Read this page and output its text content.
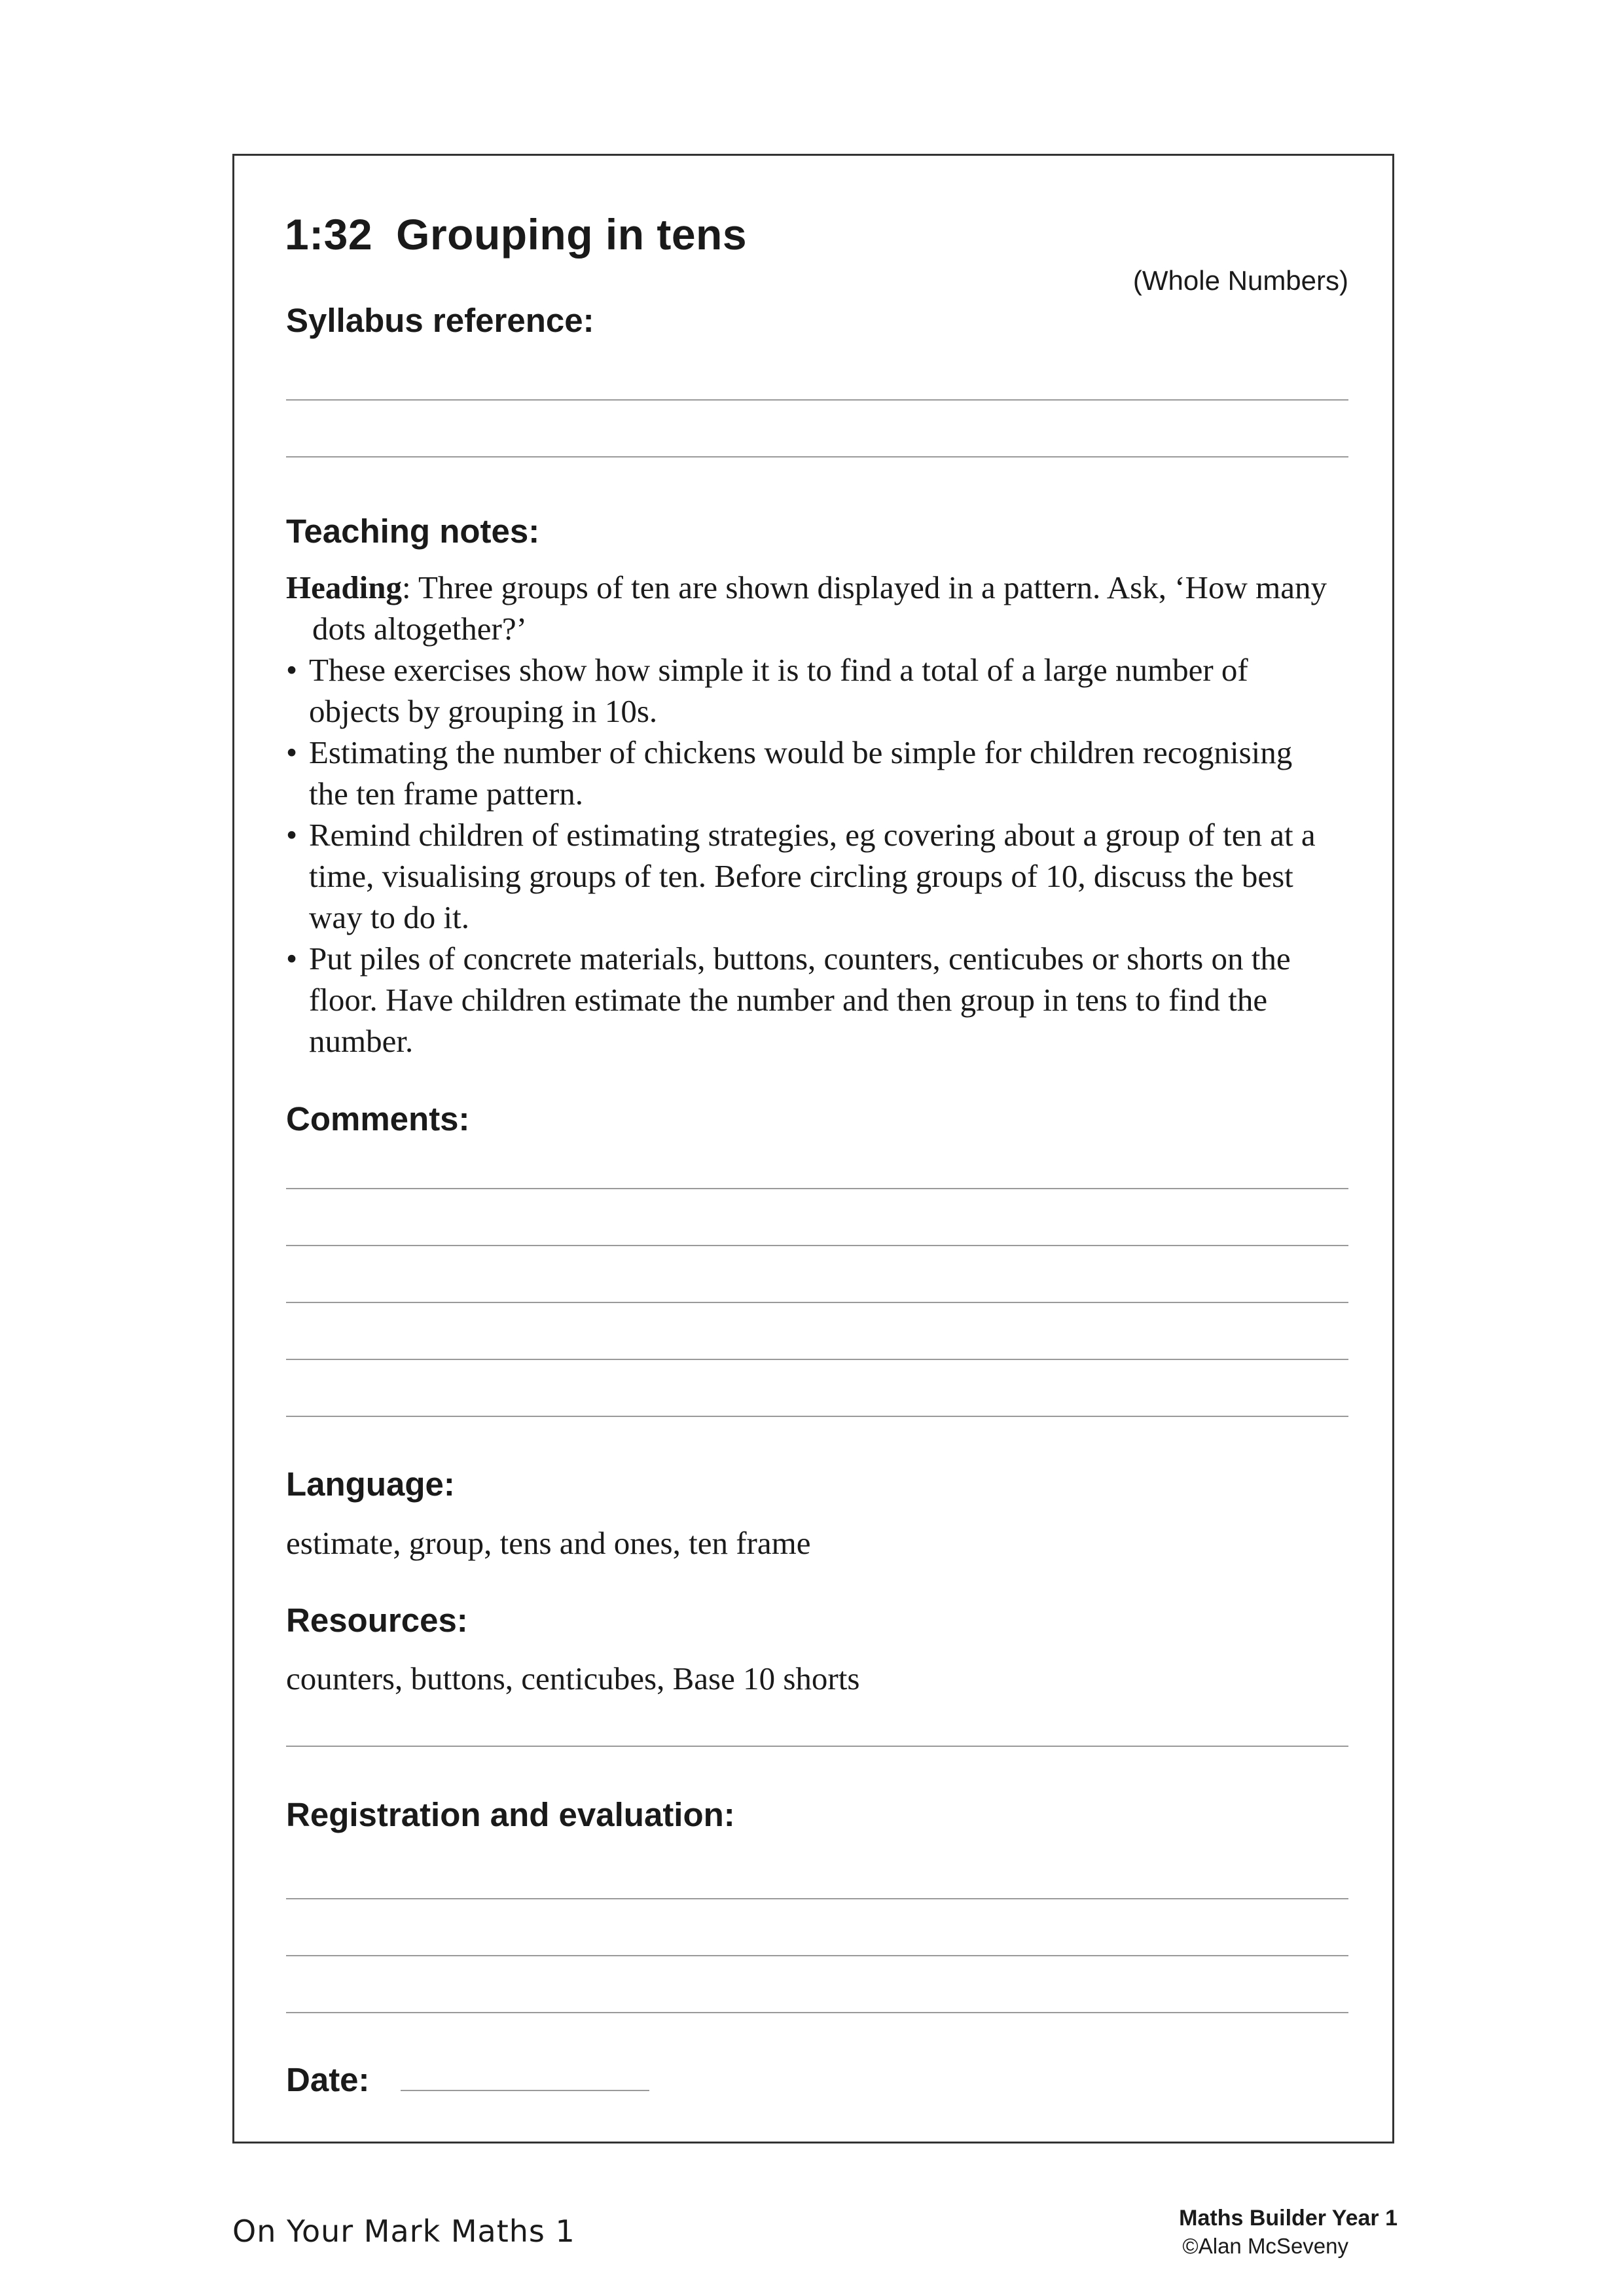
1:32 Grouping in tens
(Whole Numbers)
Syllabus reference:
Teaching notes:

Heading: Three groups of ten are shown displayed in a pattern. Ask, ‘How many dots altogether?’

• These exercises show how simple it is to find a total of a large number of objects by grouping in 10s.
• Estimating the number of chickens would be simple for children recognising the ten frame pattern.
• Remind children of estimating strategies, eg covering about a group of ten at a time, visualising groups of ten. Before circling groups of 10, discuss the best way to do it.
• Put piles of concrete materials, buttons, counters, centicubes or shorts on the floor. Have children estimate the number and then group in tens to find the number.
Comments:
Language:
estimate, group, tens and ones, ten frame
Resources:
counters, buttons, centicubes, Base 10 shorts
Registration and evaluation:
Date:
On Your Mark Maths 1	Maths Builder Year 1
©Alan McSeveny
